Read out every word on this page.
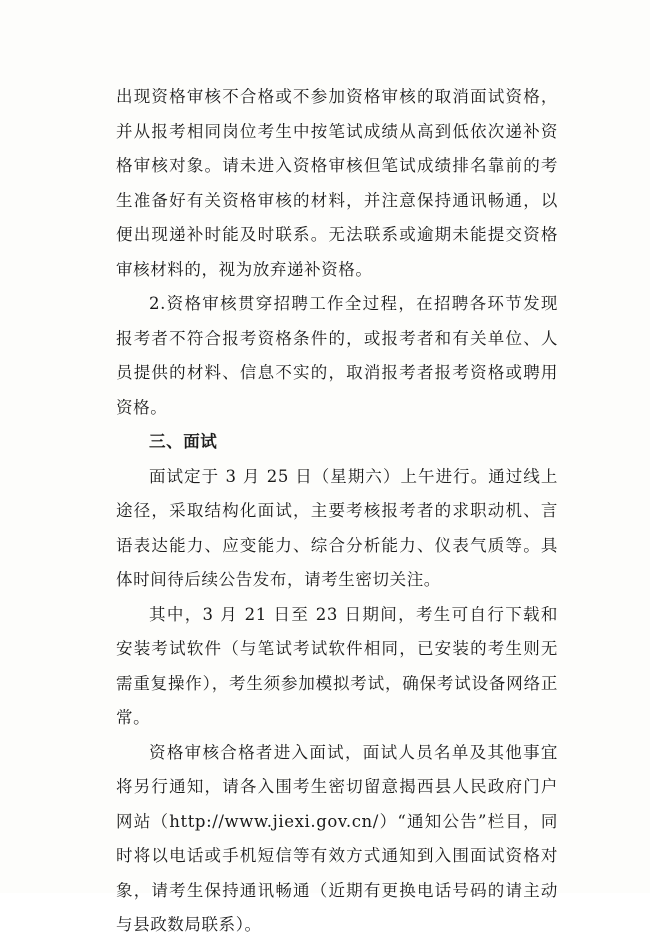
出现资格审核不合格或不参加资格审核的取消面试资格，并从报考相同岗位考生中按笔试成绩从高到低依次递补资格审核对象。请未进入资格审核但笔试成绩排名靠前的考生准备好有关资格审核的材料，并注意保持通讯畅通，以便出现递补时能及时联系。无法联系或逾期未能提交资格审核材料的，视为放弃递补资格。

2.资格审核贯穿招聘工作全过程，在招聘各环节发现报考者不符合报考资格条件的，或报考者和有关单位、人员提供的材料、信息不实的，取消报考者报考资格或聘用资格。

三、面试

面试定于 3 月 25 日（星期六）上午进行。通过线上途径，采取结构化面试，主要考核报考者的求职动机、言语表达能力、应变能力、综合分析能力、仪表气质等。具体时间待后续公告发布，请考生密切关注。

其中，3 月 21 日至 23 日期间，考生可自行下载和安装考试软件（与笔试考试软件相同，已安装的考生则无需重复操作），考生须参加模拟考试，确保考试设备网络正常。

资格审核合格者进入面试，面试人员名单及其他事宜将另行通知，请各入围考生密切留意揭西县人民政府门户网站（http://www.jiexi.gov.cn/）“通知公告”栏目，同时将以电话或手机短信等有效方式通知到入围面试资格对象，请考生保持通讯畅通（近期有更换电话号码的请主动与县政数局联系）。
